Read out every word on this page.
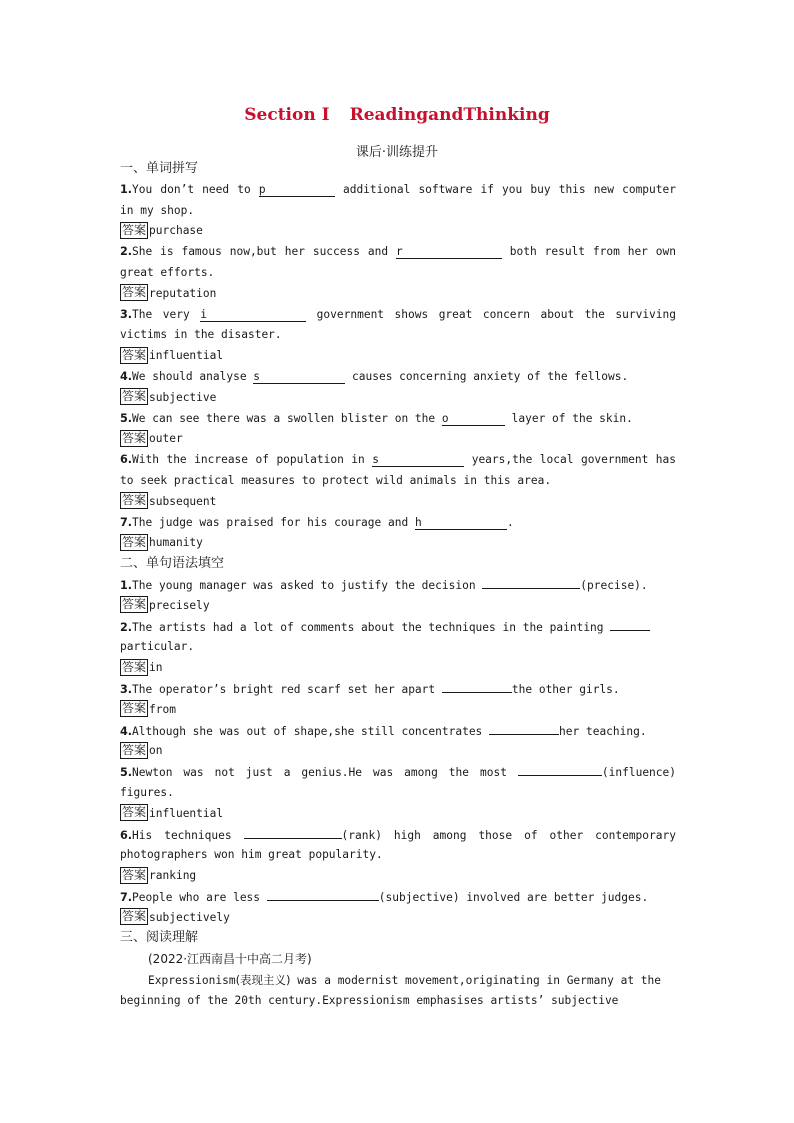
Section Ⅰ ReadingandThinking
课后·训练提升
一、单词拼写
1.You don’t need to p	additional software if you buy this new computer
in my shop.
答案 purchase
2.She is famous now,but her success and r	both result from her own
great efforts.
答案 reputation
3.The very i	government shows great concern about the surviving
victims in the disaster.
答案 influential
4.We should analyse s	causes concerning anxiety of the fellows.
答案 subjective
5.We can see there was a swollen blister on the o	layer of the skin.
答案 outer
6.With the increase of population in s	years,the local government has
to seek practical measures to protect wild animals in this area.
答案 subsequent
7.The judge was praised for his courage and h	.
答案 humanity
二、单句语法填空
1.The young manager was asked to justify the decision	(precise).
答案 precisely
2.The artists had a lot of comments about the techniques in the painting
particular.
答案 in
3.The operator’s bright red scarf set her apart	the other girls.
答案 from
4.Although she was out of shape,she still concentrates	her teaching.
答案 on
5.Newton was not just a genius.He was among the most	(influence)
figures.
答案 influential
6.His techniques	(rank) high among those of other contemporary
photographers won him great popularity.
答案 ranking
7.People who are less	(subjective) involved are better judges.
答案 subjectively
三、阅读理解
(2022·江西南昌十中高二月考)
Expressionism(表现主义) was a modernist movement,originating in Germany at the
beginning of the 20th century.Expressionism emphasises artists’ subjective
